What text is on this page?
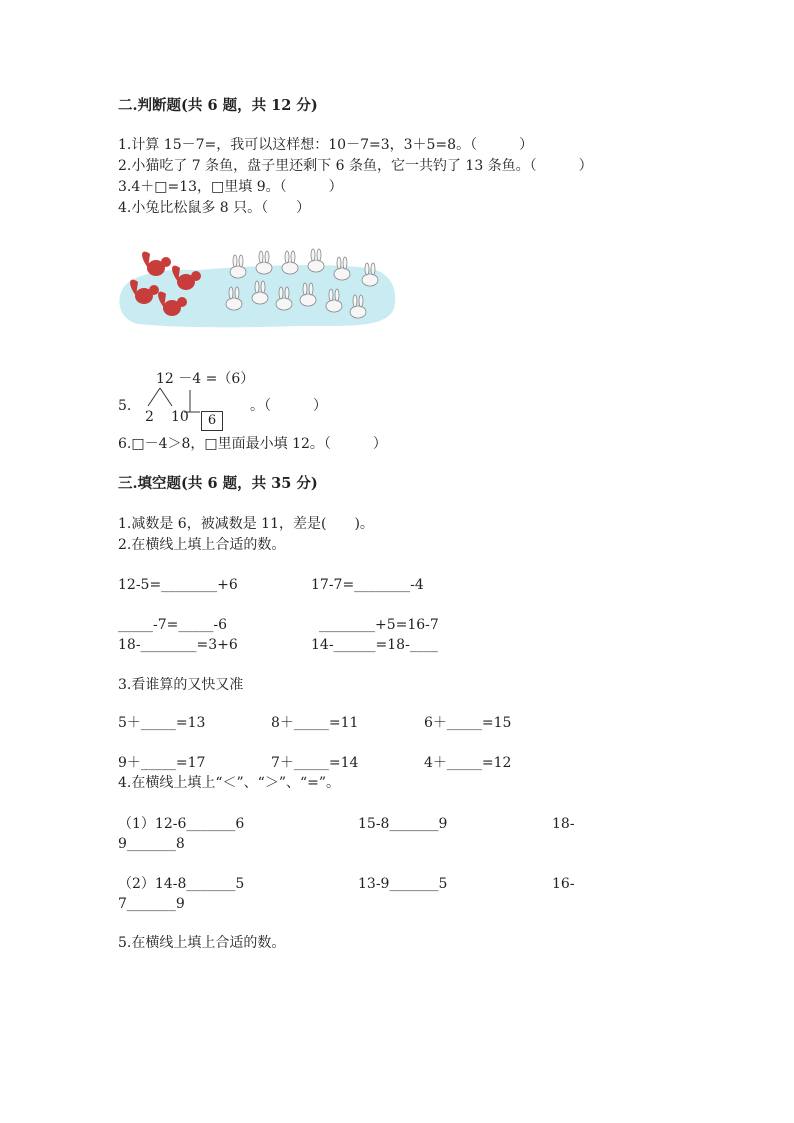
二.判断题(共 6 题，共 12 分)
1.计算 15－7=，我可以这样想：10－7=3，3＋5=8。（　　　）
2.小猫吃了 7 条鱼，盘子里还剩下 6 条鱼，它一共钓了 13 条鱼。（　　　）
3.4＋□=13，□里填 9。（　　　）
4.小兔比松鼠多 8 只。（　　）
12 －4 =（6）
5.
2 10	6
。（　　　）
6.□－4＞8，□里面最小填 12。（　　　）
三.填空题(共 6 题，共 35 分)
1.减数是 6，被减数是 11，差是(　　)。
2.在横线上填上合适的数。
12-5=________+6	17-7=________-4
_____-7=_____-6	________+5=16-7
18-________=3+6	14-______=18-____
3.看谁算的又快又准
5＋_____=13	8＋_____=11	6＋_____=15
9＋_____=17	7＋_____=14	4＋_____=12
4.在横线上填上“＜”、“＞”、“=”。
（1）12-6_______6	15-8_______9	18-
9_______8
（2）14-8_______5	13-9_______5	16-
7_______9
5.在横线上填上合适的数。
